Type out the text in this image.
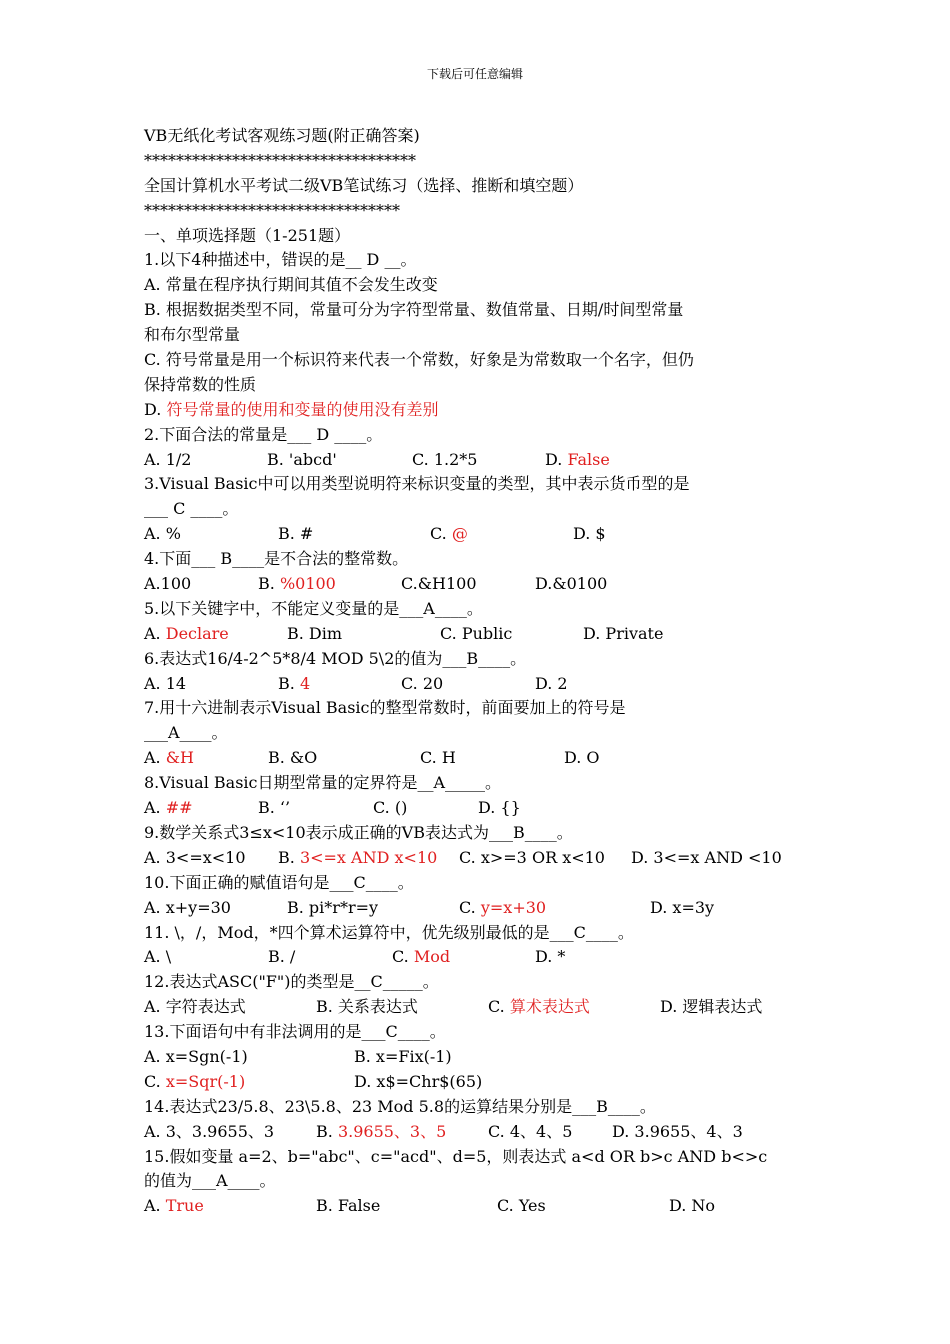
下载后可任意编辑
VB无纸化考试客观练习题(附正确答案)
**********************************
全国计算机水平考试二级VB笔试练习（选择、推断和填空题）
********************************
一、单项选择题（1-251题）
1.以下4种描述中，错误的是__ D __。
A. 常量在程序执行期间其值不会发生改变
B. 根据数据类型不同，常量可分为字符型常量、数值常量、日期/时间型常量
和布尔型常量
C. 符号常量是用一个标识符来代表一个常数，好象是为常数取一个名字，但仍
保持常数的性质
D. 符号常量的使用和变量的使用没有差别
2.下面合法的常量是___ D ____。
A. 1/2	B. 'abcd'	C. 1.2*5	D. False
3.Visual Basic中可以用类型说明符来标识变量的类型，其中表示货币型的是
___ C ____。
A. %	B. #	C. @	D. $
4.下面___ B____是不合法的整常数。
A.100	B. %0100	C.&H100	D.&0100
5.以下关键字中，不能定义变量的是___A____。
A. Declare	B. Dim	C. Public	D. Private
6.表达式16/4-2^5*8/4 MOD 5\2的值为___B____。
A. 14	B. 4	C. 20	D. 2
7.用十六进制表示Visual Basic的整型常数时，前面要加上的符号是
___A____。
A. &H	B. &O	C. H	D. O
8.Visual Basic日期型常量的定界符是__A_____。
A. ##	B. ‘’	C. ()	D. {}
9.数学关系式3≤x<10表示成正确的VB表达式为___B____。
A. 3<=x<10 B. 3<=x AND x<10 C. x>=3 OR x<10 D. 3<=x AND <10
10.下面正确的赋值语句是___C____。
A. x+y=30	B. pi*r*r=y	C. y=x+30	D. x=3y
11. \，/，Mod，*四个算术运算符中，优先级别最低的是___C____。
A. \	B. /	C. Mod	D. *
12.表达式ASC("F")的类型是__C_____。
A. 字符表达式	B. 关系表达式	C. 算术表达式	D. 逻辑表达式
13.下面语句中有非法调用的是___C____。
A. x=Sgn(-1)	B. x=Fix(-1)
C. x=Sqr(-1)	D. x$=Chr$(65)
14.表达式23/5.8、23\5.8、23 Mod 5.8的运算结果分别是___B____。
A. 3、3.9655、3	B. 3.9655、3、5	C. 4、4、5 D. 3.9655、4、3
15.假如变量 a=2、b="abc"、c="acd"、d=5，则表达式 a<d OR b>c AND b<>c
的值为___A____。
A. True	B. False	C. Yes	D. No
